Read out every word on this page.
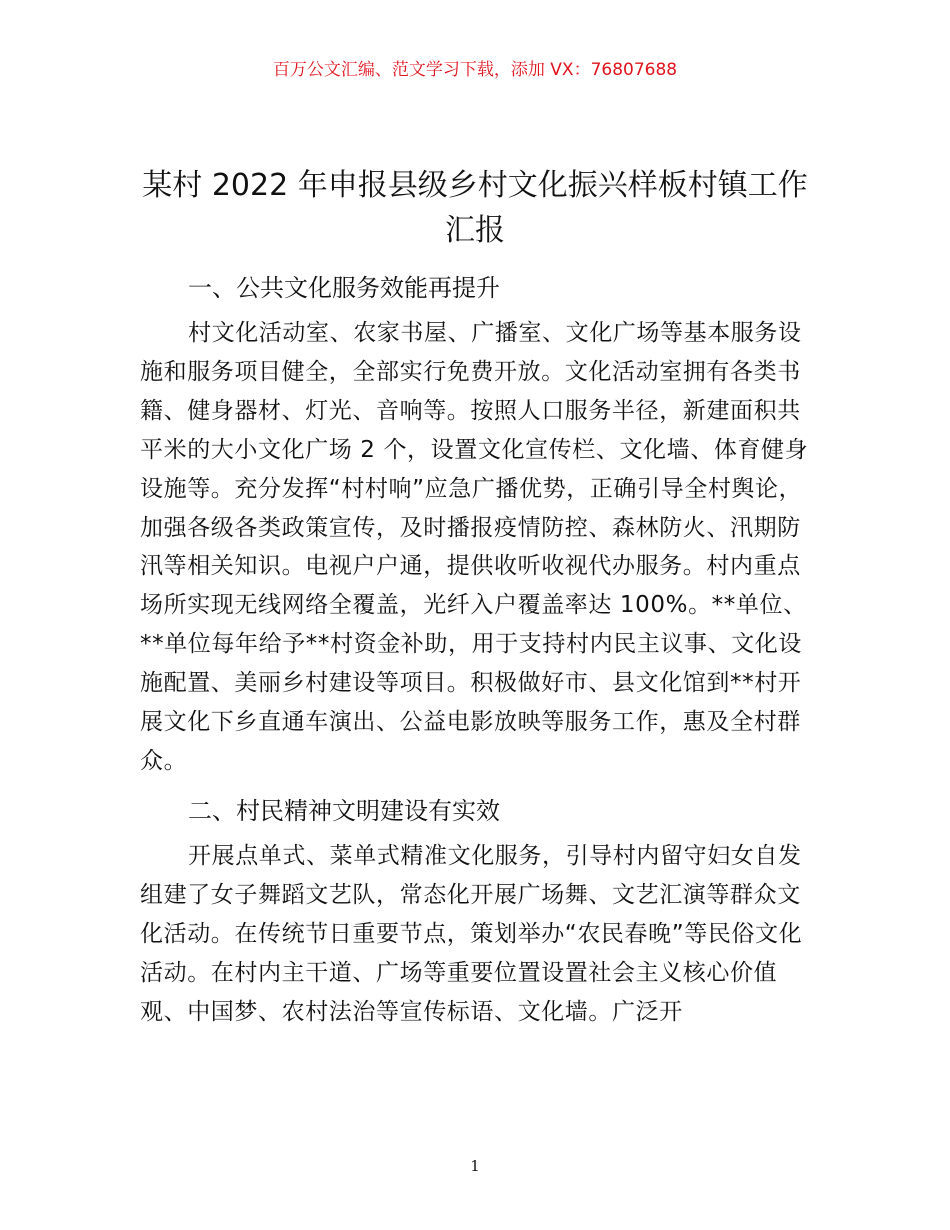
百万公文汇编、范文学习下载，添加 VX：76807688
某村 2022 年申报县级乡村文化振兴样板村镇工作汇报
一、公共文化服务效能再提升

村文化活动室、农家书屋、广播室、文化广场等基本服务设施和服务项目健全，全部实行免费开放。文化活动室拥有各类书籍、健身器材、灯光、音响等。按照人口服务半径，新建面积共平米的大小文化广场 2 个，设置文化宣传栏、文化墙、体育健身设施等。充分发挥“村村响”应急广播优势，正确引导全村舆论，加强各级各类政策宣传，及时播报疫情防控、森林防火、汛期防汛等相关知识。电视户户通，提供收听收视代办服务。村内重点场所实现无线网络全覆盖，光纤入户覆盖率达 100%。**单位、**单位每年给予**村资金补助，用于支持村内民主议事、文化设施配置、美丽乡村建设等项目。积极做好市、县文化馆到**村开展文化下乡直通车演出、公益电影放映等服务工作，惠及全村群众。

二、村民精神文明建设有实效

开展点单式、菜单式精准文化服务，引导村内留守妇女自发组建了女子舞蹈文艺队，常态化开展广场舞、文艺汇演等群众文化活动。在传统节日重要节点，策划举办“农民春晚”等民俗文化活动。在村内主干道、广场等重要位置设置社会主义核心价值观、中国梦、农村法治等宣传标语、文化墙。广泛开

1
